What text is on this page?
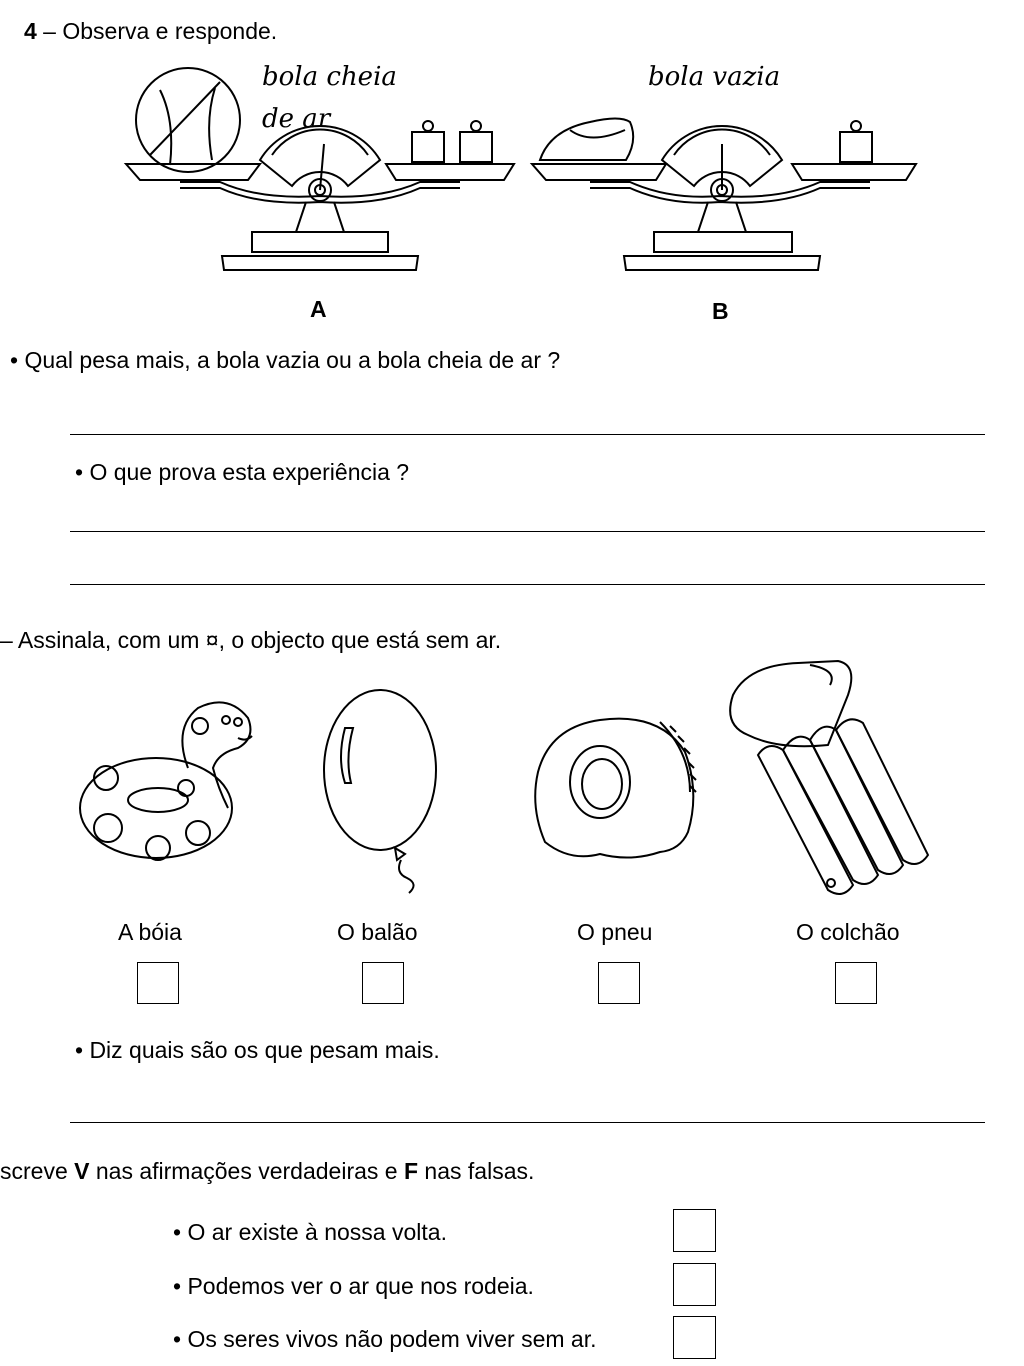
4 – Observa e responde.
bola cheia
de ar
bola vazia
A	B
• Qual pesa mais, a bola vazia ou a bola cheia de ar ?
• O que prova esta experiência ?
– Assinala, com um ¤, o objecto que está sem ar.
A bóia	O balão	O pneu	O colchão
• Diz quais são os que pesam mais.
screve V nas afirmações verdadeiras e F nas falsas.
• O ar existe à nossa volta.
• Podemos ver o ar que nos rodeia.
• Os seres vivos não podem viver sem ar.
